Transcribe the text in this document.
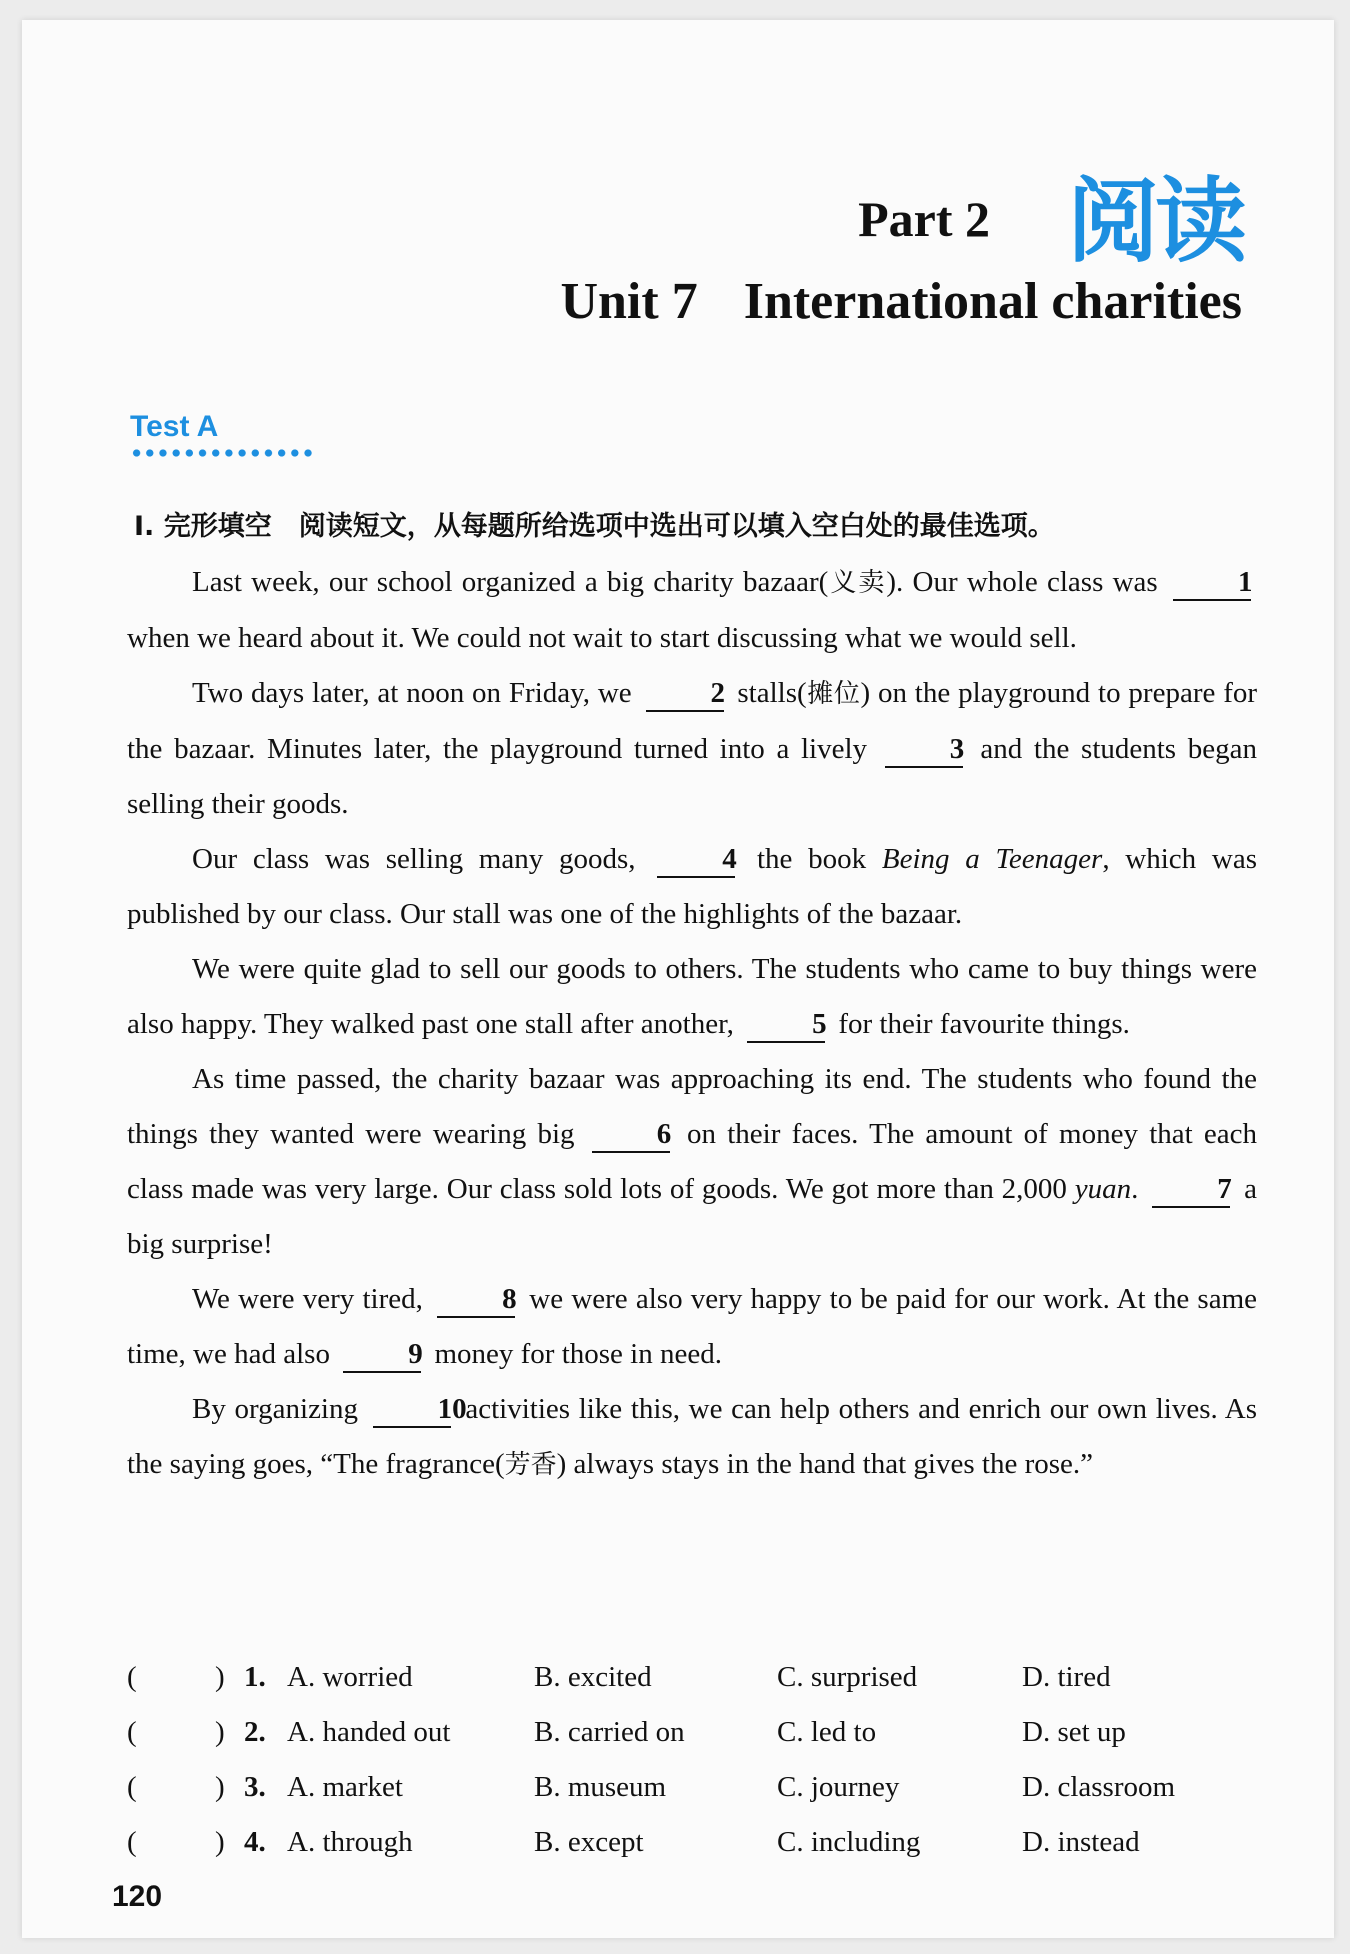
Part 2 阅读
Unit 7 International charities
Test A
Ⅰ. 完形填空　阅读短文，从每题所给选项中选出可以填入空白处的最佳选项。

Last week, our school organized a big charity bazaar(义卖). Our whole class was	1 when we heard about it. We could not wait to start discussing what we would sell.

Two days later, at noon on Friday, we	2 stalls(摊位) on the playground to prepare for the bazaar. Minutes later, the playground turned into a lively	3 and the students began selling their goods.

Our class was selling many goods,	4 the book Being a Teenager, which was published by our class. Our stall was one of the highlights of the bazaar.

We were quite glad to sell our goods to others. The students who came to buy things were also happy. They walked past one stall after another,	5 for their favourite things.

As time passed, the charity bazaar was approaching its end. The students who found the things they wanted were wearing big	6 on their faces. The amount of money that each class made was very large. Our class sold lots of goods. We got more than 2,000 yuan.	7 a big surprise!

We were very tired,	8 we were also very happy to be paid for our work. At the same time, we had also	9 money for those in need.

By organizing	10 activities like this, we can help others and enrich our own lives. As the saying goes, “The fragrance(芳香) always stays in the hand that gives the rose.”

(	) 1. A. worried	B. excited	C. surprised	D. tired
(	) 2. A. handed out	B. carried on	C. led to	D. set up
(	) 3. A. market	B. museum	C. journey	D. classroom
(	) 4. A. through	B. except	C. including	D. instead
120
